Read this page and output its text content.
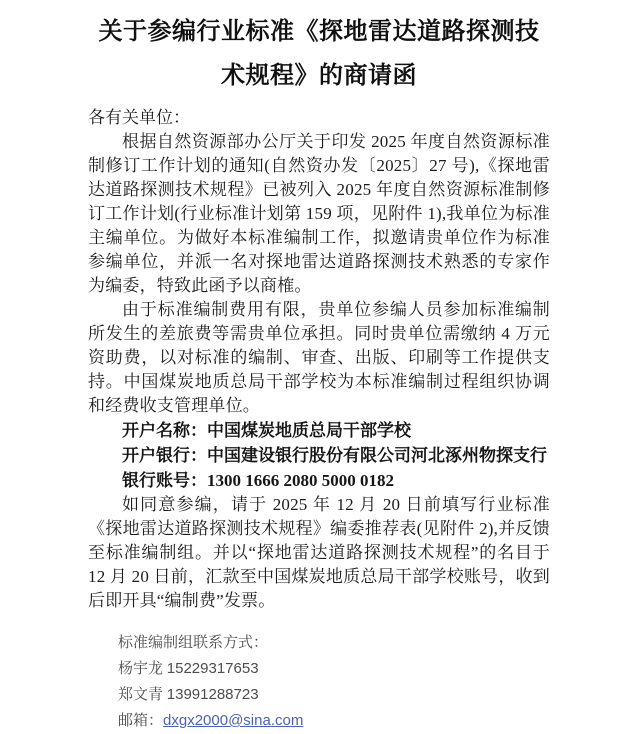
关于参编行业标准《探地雷达道路探测技术规程》的商请函

各有关单位：

根据自然资源部办公厅关于印发 2025 年度自然资源标准制修订工作计划的通知(自然资办发〔2025〕27 号),《探地雷达道路探测技术规程》已被列入 2025 年度自然资源标准制修订工作计划(行业标准计划第 159 项，见附件 1),我单位为标准主编单位。为做好本标准编制工作，拟邀请贵单位作为标准参编单位，并派一名对探地雷达道路探测技术熟悉的专家作为编委，特致此函予以商榷。

由于标准编制费用有限，贵单位参编人员参加标准编制所发生的差旅费等需贵单位承担。同时贵单位需缴纳 4 万元资助费，以对标准的编制、审查、出版、印刷等工作提供支持。中国煤炭地质总局干部学校为本标准编制过程组织协调和经费收支管理单位。

开户名称：中国煤炭地质总局干部学校

开户银行：中国建设银行股份有限公司河北涿州物探支行

银行账号：1300 1666 2080 5000 0182

如同意参编，请于 2025 年 12 月 20 日前填写行业标准《探地雷达道路探测技术规程》编委推荐表(见附件 2),并反馈至标准编制组。并以“探地雷达道路探测技术规程”的名目于 12 月 20 日前，汇款至中国煤炭地质总局干部学校账号，收到后即开具“编制费”发票。

标准编制组联系方式：

杨宇龙 15229317653

郑文青 13991288723

邮箱：dxgx2000@sina.com
